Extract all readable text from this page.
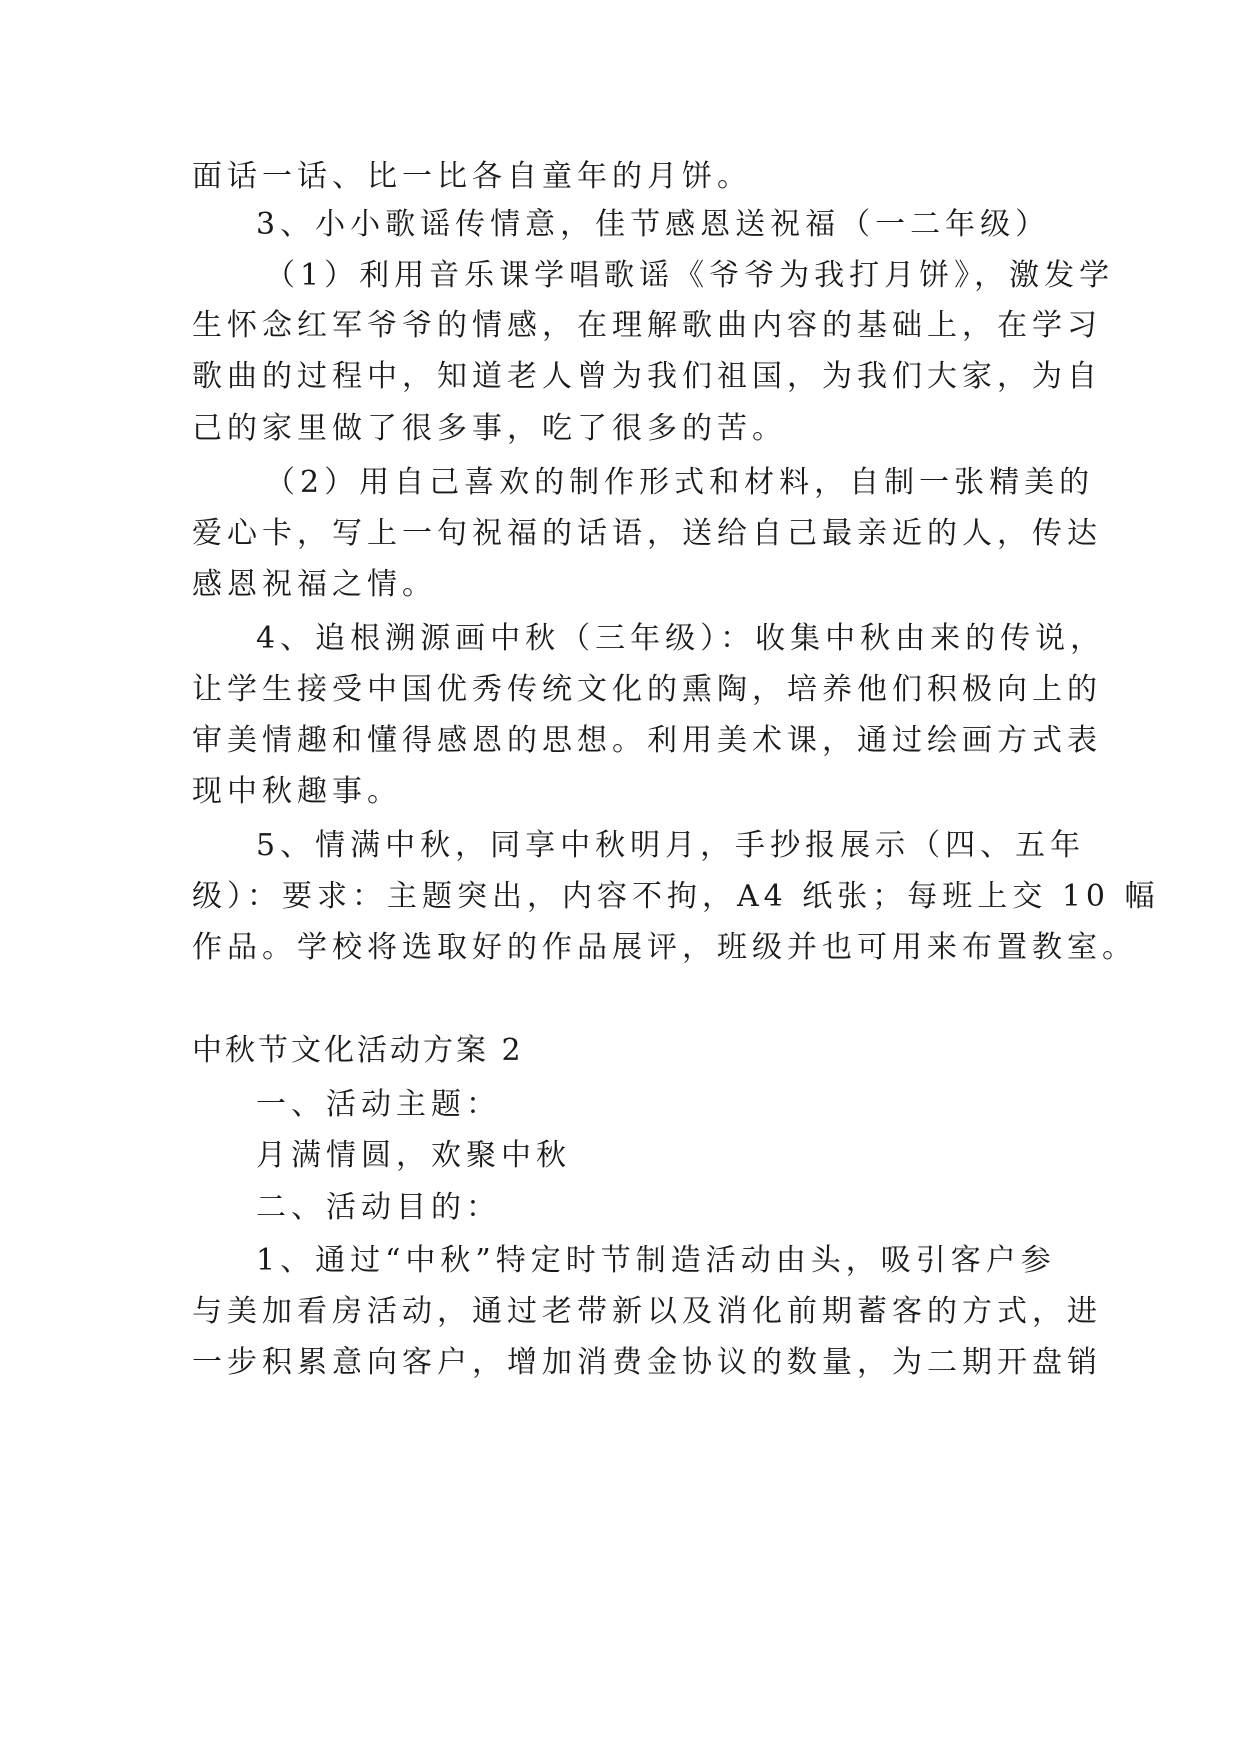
面话一话、比一比各自童年的月饼。
3、小小歌谣传情意，佳节感恩送祝福（一二年级）
（1）利用音乐课学唱歌谣《爷爷为我打月饼》，激发学
生怀念红军爷爷的情感，在理解歌曲内容的基础上，在学习
歌曲的过程中，知道老人曾为我们祖国，为我们大家，为自
己的家里做了很多事，吃了很多的苦。
（2）用自己喜欢的制作形式和材料，自制一张精美的
爱心卡，写上一句祝福的话语，送给自己最亲近的人，传达
感恩祝福之情。
4、追根溯源画中秋（三年级）：收集中秋由来的传说，
让学生接受中国优秀传统文化的熏陶，培养他们积极向上的
审美情趣和懂得感恩的思想。利用美术课，通过绘画方式表
现中秋趣事。
5、情满中秋，同享中秋明月，手抄报展示（四、五年
级）：要求：主题突出，内容不拘，A4 纸张；每班上交 10 幅
作品。学校将选取好的作品展评，班级并也可用来布置教室。
中秋节文化活动方案 2
一、活动主题：
月满情圆，欢聚中秋
二、活动目的：
1、通过“中秋”特定时节制造活动由头，吸引客户参
与美加看房活动，通过老带新以及消化前期蓄客的方式，进
一步积累意向客户，增加消费金协议的数量，为二期开盘销
